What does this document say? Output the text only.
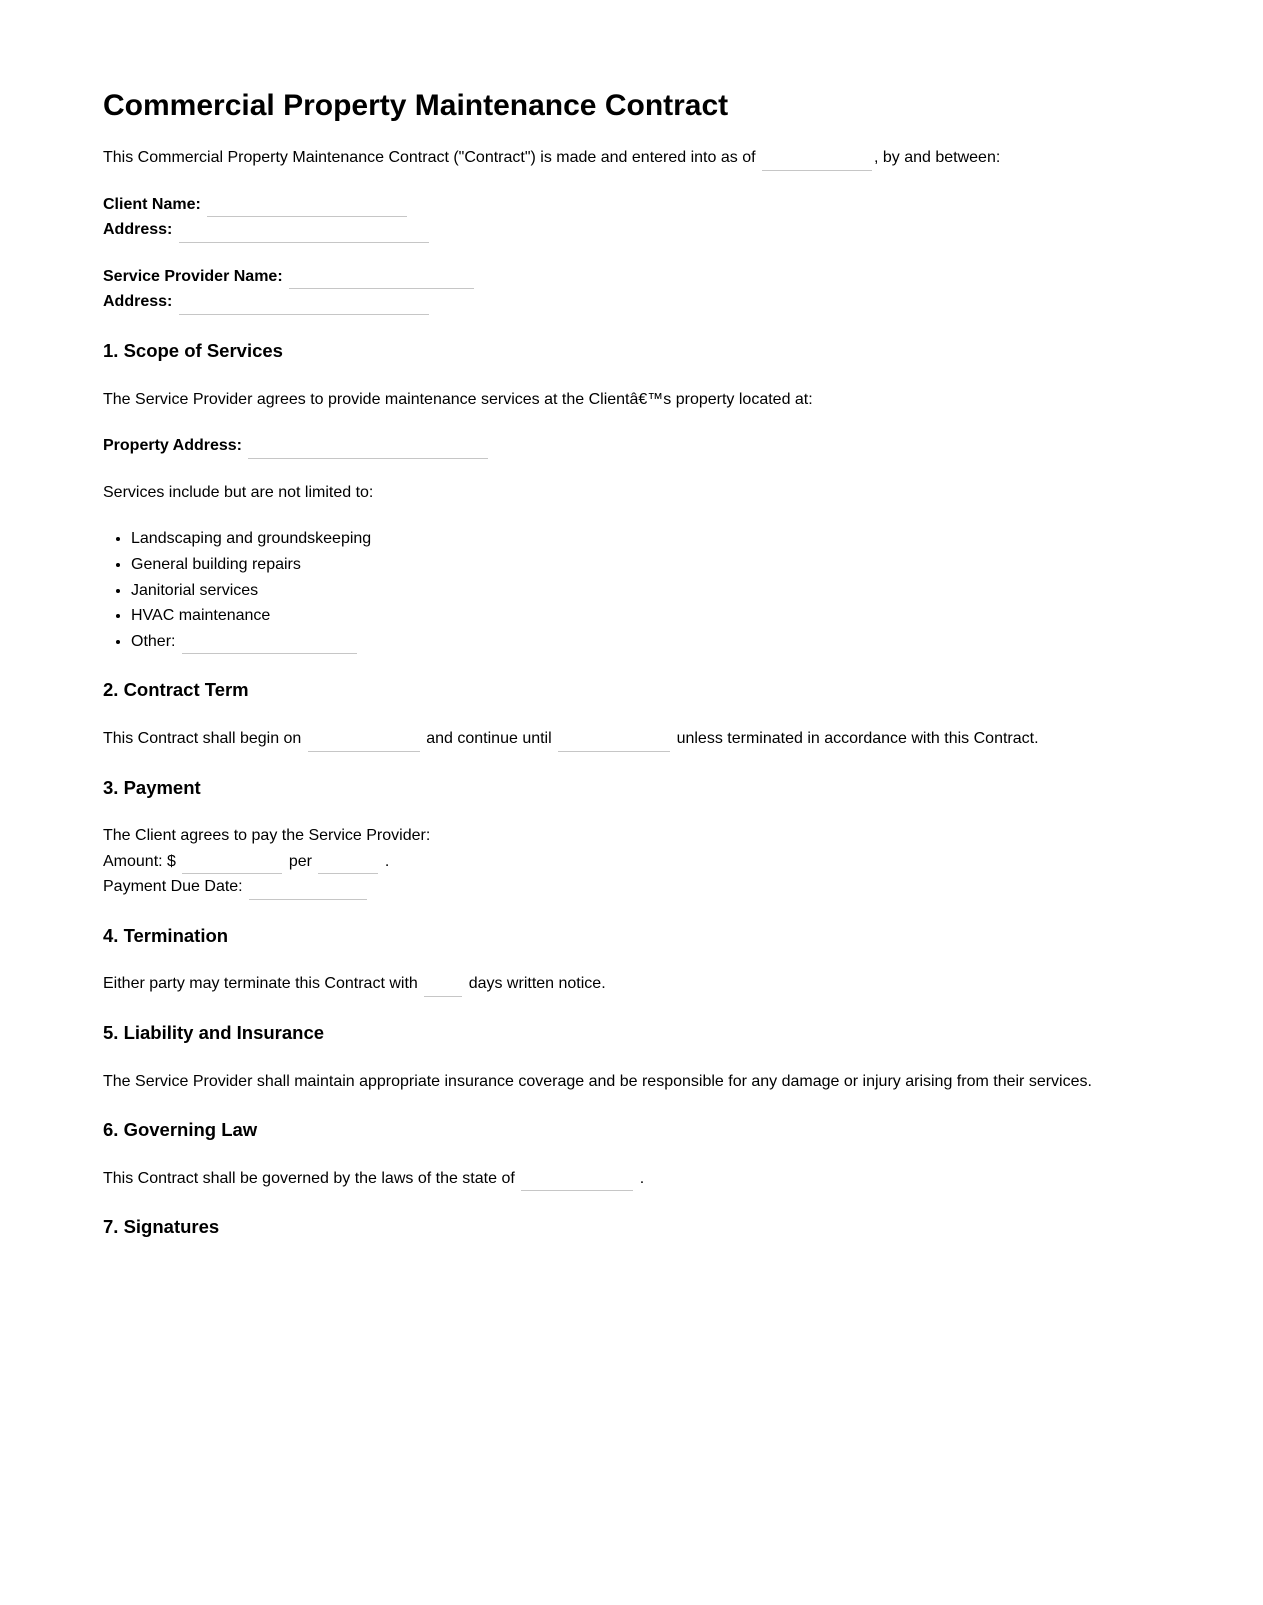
Commercial Property Maintenance Contract

This Commercial Property Maintenance Contract ("Contract") is made and entered into as of	, by and between:

Client Name:
Address:

Service Provider Name:
Address:

1. Scope of Services

The Service Provider agrees to provide maintenance services at the Clientâ€™s property located at:

Property Address:

Services include but are not limited to:

• Landscaping and groundskeeping
• General building repairs
• Janitorial services
• HVAC maintenance
• Other:
2. Contract Term

This Contract shall begin on	and continue until	unless terminated in accordance with this Contract.

3. Payment

The Client agrees to pay the Service Provider:
Amount: $	per	.
Payment Due Date:

4. Termination

Either party may terminate this Contract with	days written notice.

5. Liability and Insurance

The Service Provider shall maintain appropriate insurance coverage and be responsible for any damage or injury arising from their services.

6. Governing Law

This Contract shall be governed by the laws of the state of	.

7. Signatures
